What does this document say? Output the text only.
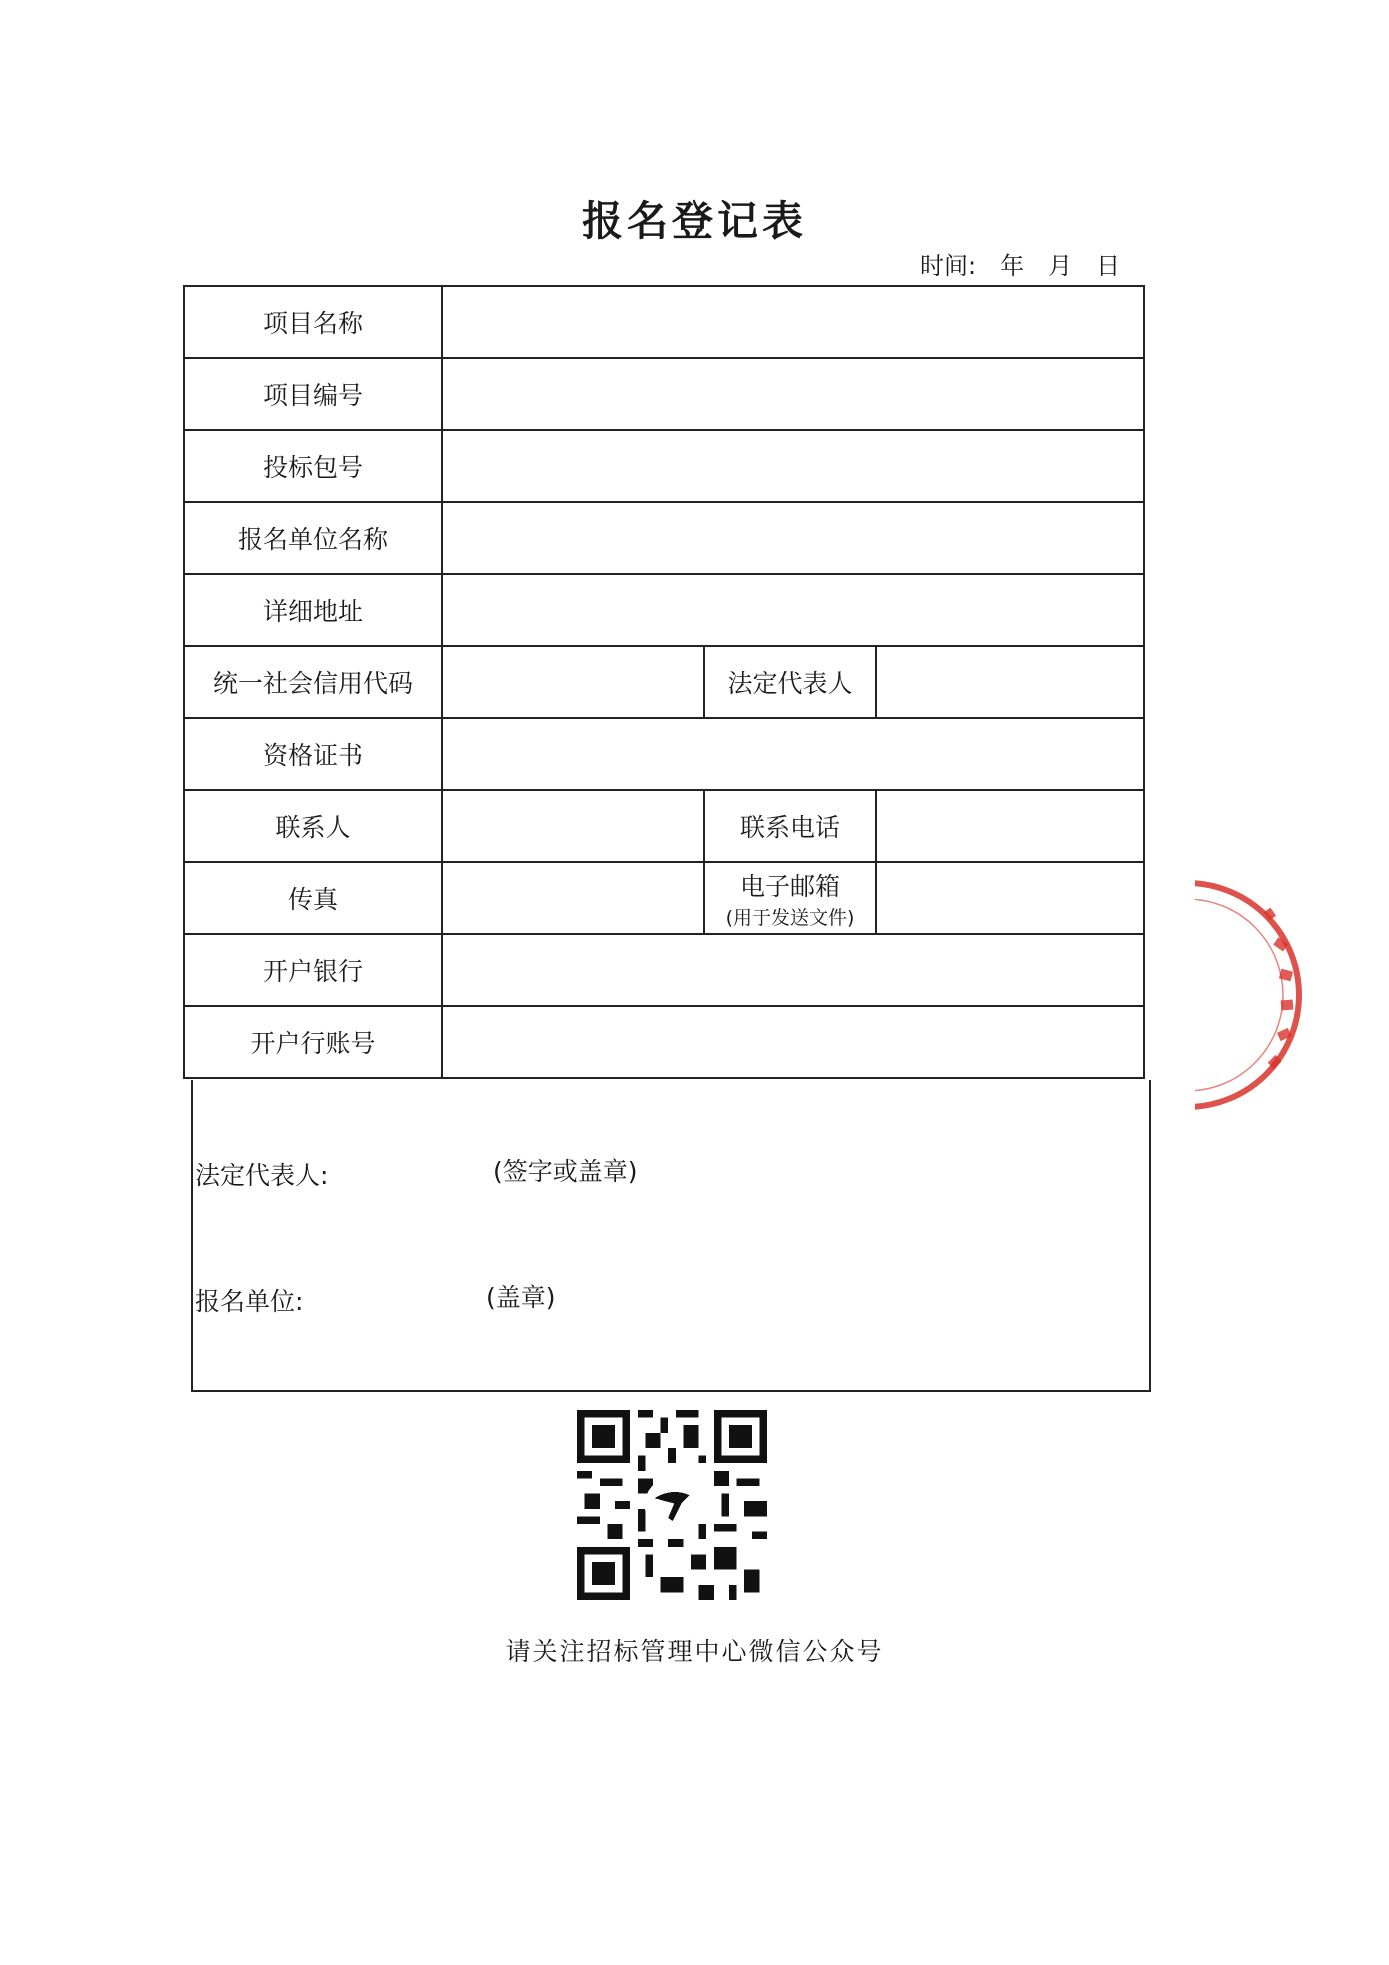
报名登记表
时间: 年 月 日
项目名称			
项目编号			
投标包号			
报名单位名称			
详细地址			
统一社会信用代码		法定代表人	
资格证书			
联系人		联系电话	
传真		电子邮箱
(用于发送文件)	

开户银行			
开户行账号			
法定代表人:	(签字或盖章)
报名单位:	(盖章)
请关注招标管理中心微信公众号
